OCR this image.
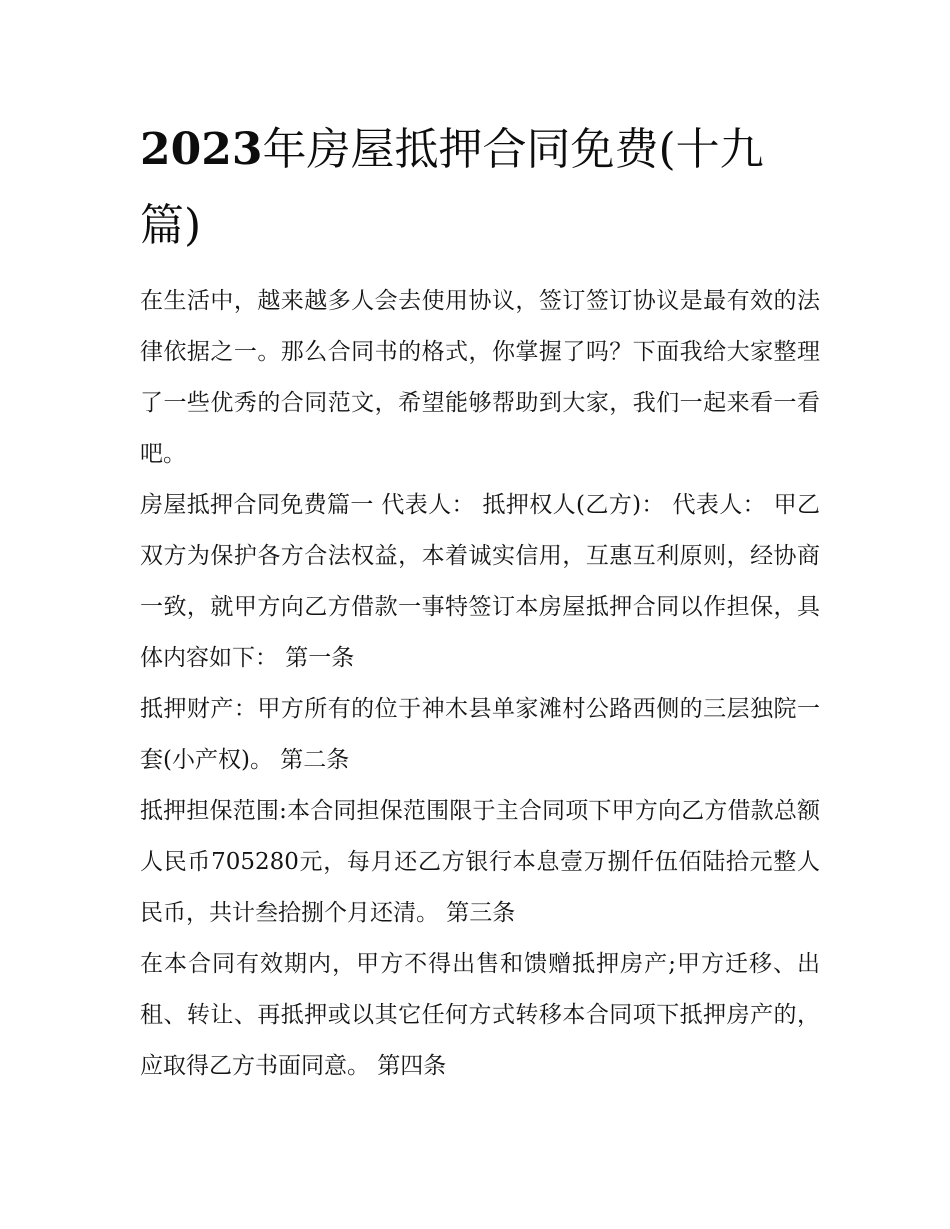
2023年房屋抵押合同免费(十九篇)

在生活中，越来越多人会去使用协议，签订签订协议是最有效的法律依据之一。那么合同书的格式，你掌握了吗？下面我给大家整理了一些优秀的合同范文，希望能够帮助到大家，我们一起来看一看吧。

房屋抵押合同免费篇一 代表人： 抵押权人(乙方)： 代表人： 甲乙双方为保护各方合法权益，本着诚实信用，互惠互利原则，经协商一致，就甲方向乙方借款一事特签订本房屋抵押合同以作担保，具体内容如下： 第一条

抵押财产：甲方所有的位于神木县单家滩村公路西侧的三层独院一套(小产权)。 第二条

抵押担保范围:本合同担保范围限于主合同项下甲方向乙方借款总额人民币705280元，每月还乙方银行本息壹万捌仟伍佰陆拾元整人民币，共计叁拾捌个月还清。 第三条

在本合同有效期内，甲方不得出售和馈赠抵押房产;甲方迁移、出租、转让、再抵押或以其它任何方式转移本合同项下抵押房产的，应取得乙方书面同意。 第四条
